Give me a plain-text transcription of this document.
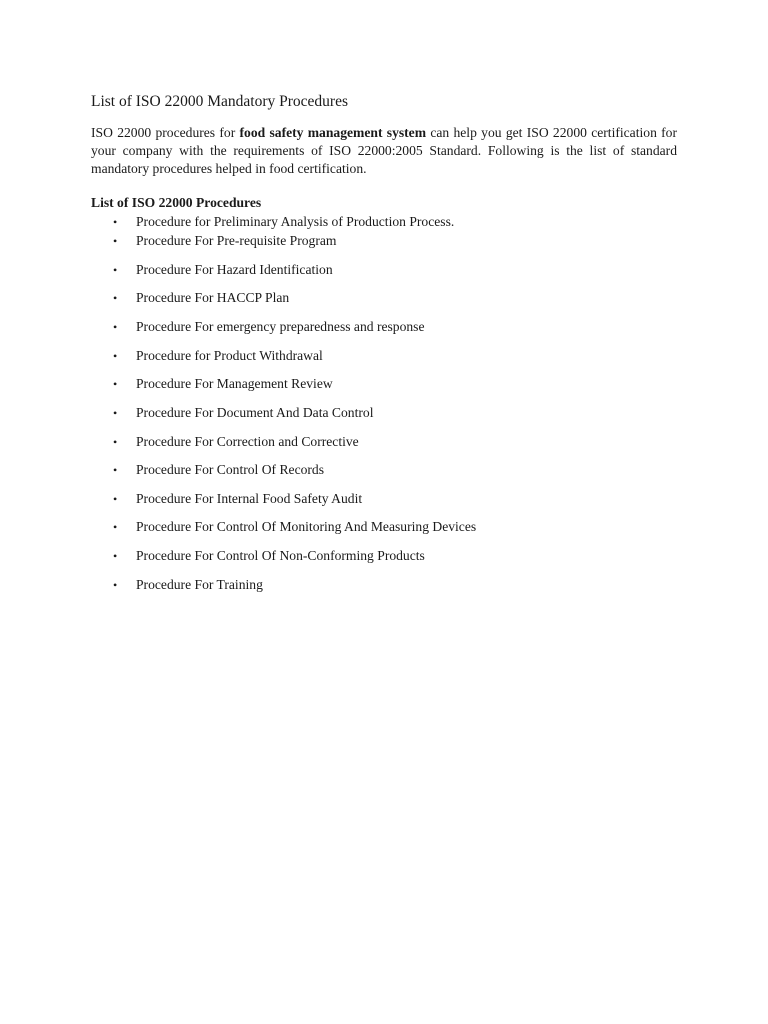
List of ISO 22000 Mandatory Procedures

ISO 22000 procedures for food safety management system can help you get ISO 22000 certification for your company with the requirements of ISO 22000:2005 Standard. Following is the list of standard mandatory procedures helped in food certification.

List of ISO 22000 Procedures
• Procedure for Preliminary Analysis of Production Process.
• Procedure For Pre-requisite Program
• Procedure For Hazard Identification
• Procedure For HACCP Plan
• Procedure For emergency preparedness and response
• Procedure for Product Withdrawal
• Procedure For Management Review
• Procedure For Document And Data Control
• Procedure For Correction and Corrective
• Procedure For Control Of Records
• Procedure For Internal Food Safety Audit
• Procedure For Control Of Monitoring And Measuring Devices
• Procedure For Control Of Non-Conforming Products
• Procedure For Training
